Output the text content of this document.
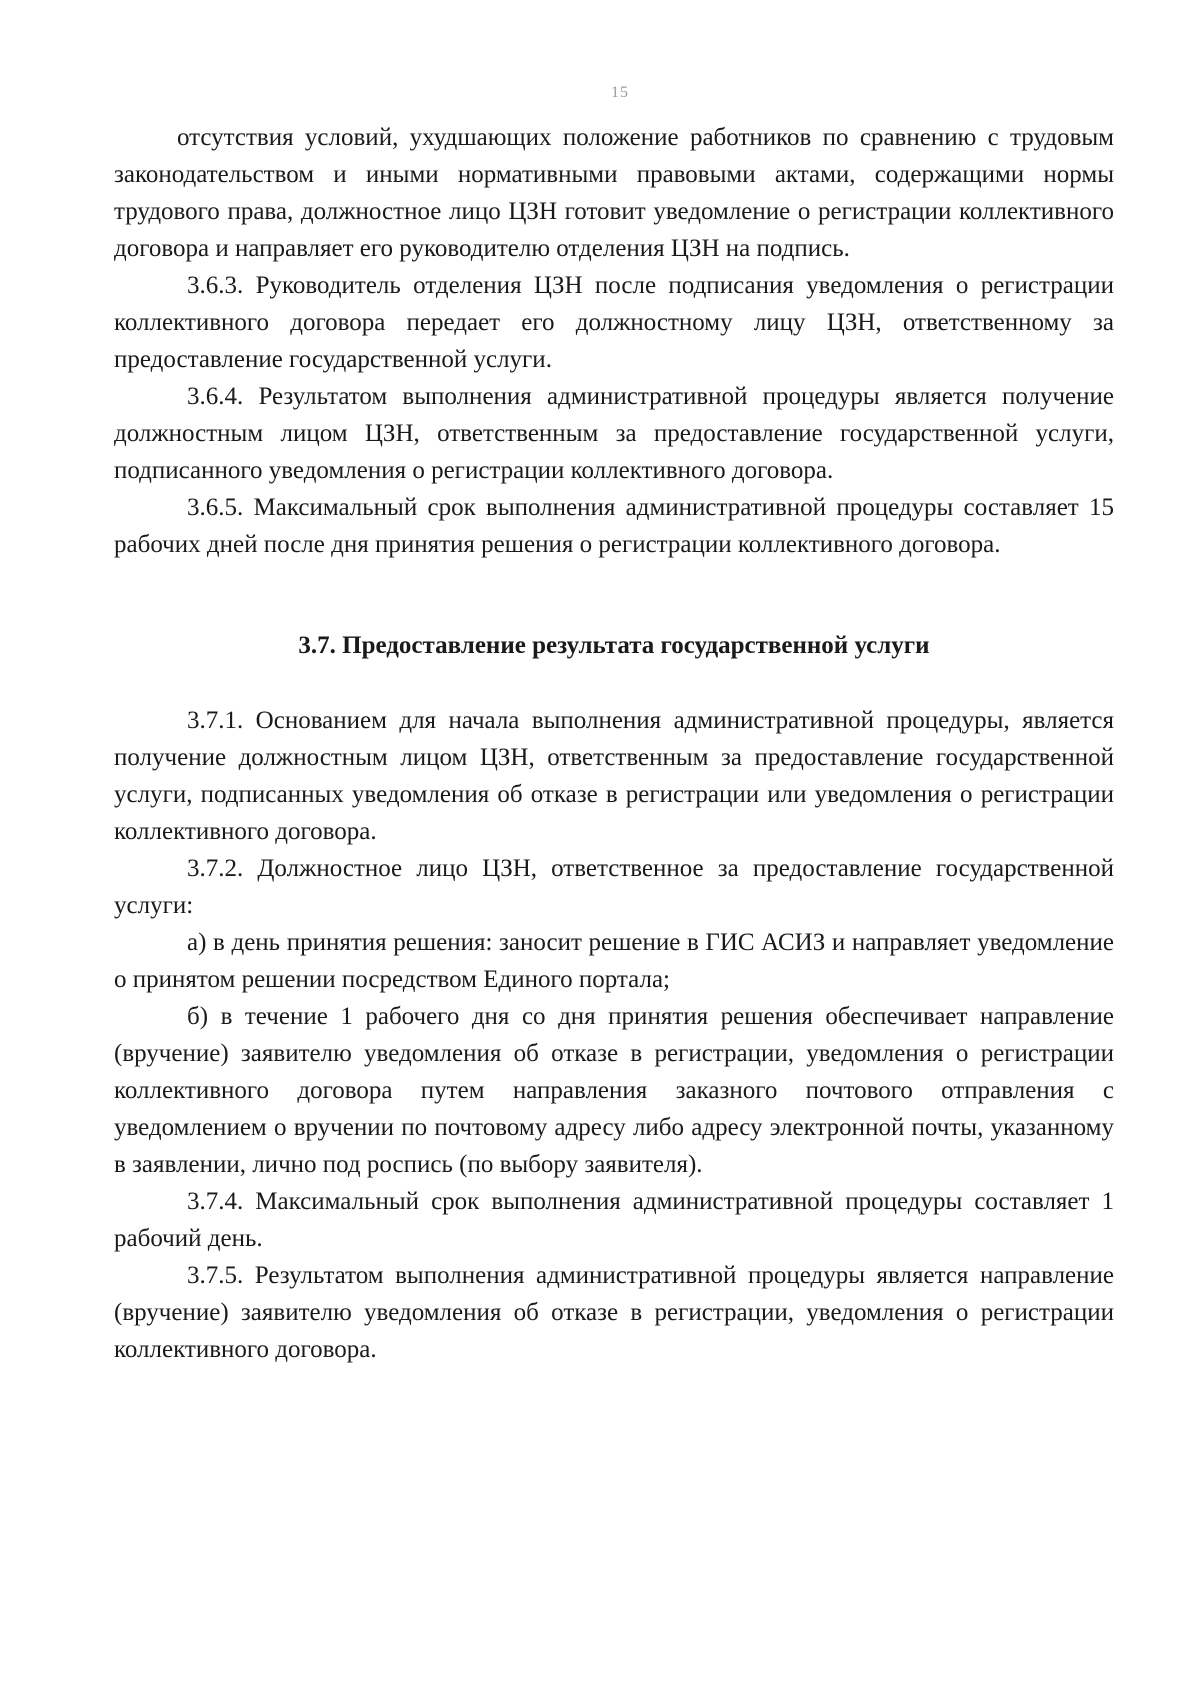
15

отсутствия условий, ухудшающих положение работников по сравнению с трудовым законодательством и иными нормативными правовыми актами, содержащими нормы трудового права, должностное лицо ЦЗН готовит уведомление о регистрации коллективного договора и направляет его руководителю отделения ЦЗН на подпись.

3.6.3. Руководитель отделения ЦЗН после подписания уведомления о регистрации коллективного договора передает его должностному лицу ЦЗН, ответственному за предоставление государственной услуги.

3.6.4. Результатом выполнения административной процедуры является получение должностным лицом ЦЗН, ответственным за предоставление государственной услуги, подписанного уведомления о регистрации коллективного договора.

3.6.5. Максимальный срок выполнения административной процедуры составляет 15 рабочих дней после дня принятия решения о регистрации коллективного договора.

3.7. Предоставление результата государственной услуги

3.7.1. Основанием для начала выполнения административной процедуры, является получение должностным лицом ЦЗН, ответственным за предоставление государственной услуги, подписанных уведомления об отказе в регистрации или уведомления о регистрации коллективного договора.

3.7.2. Должностное лицо ЦЗН, ответственное за предоставление государственной услуги:

а) в день принятия решения: заносит решение в ГИС АСИЗ и направляет уведомление о принятом решении посредством Единого портала;

б) в течение 1 рабочего дня со дня принятия решения обеспечивает направление (вручение) заявителю уведомления об отказе в регистрации, уведомления о регистрации коллективного договора путем направления заказного почтового отправления с уведомлением о вручении по почтовому адресу либо адресу электронной почты, указанному в заявлении, лично под роспись (по выбору заявителя).

3.7.4. Максимальный срок выполнения административной процедуры составляет 1 рабочий день.

3.7.5. Результатом выполнения административной процедуры является направление (вручение) заявителю уведомления об отказе в регистрации, уведомления о регистрации коллективного договора.
